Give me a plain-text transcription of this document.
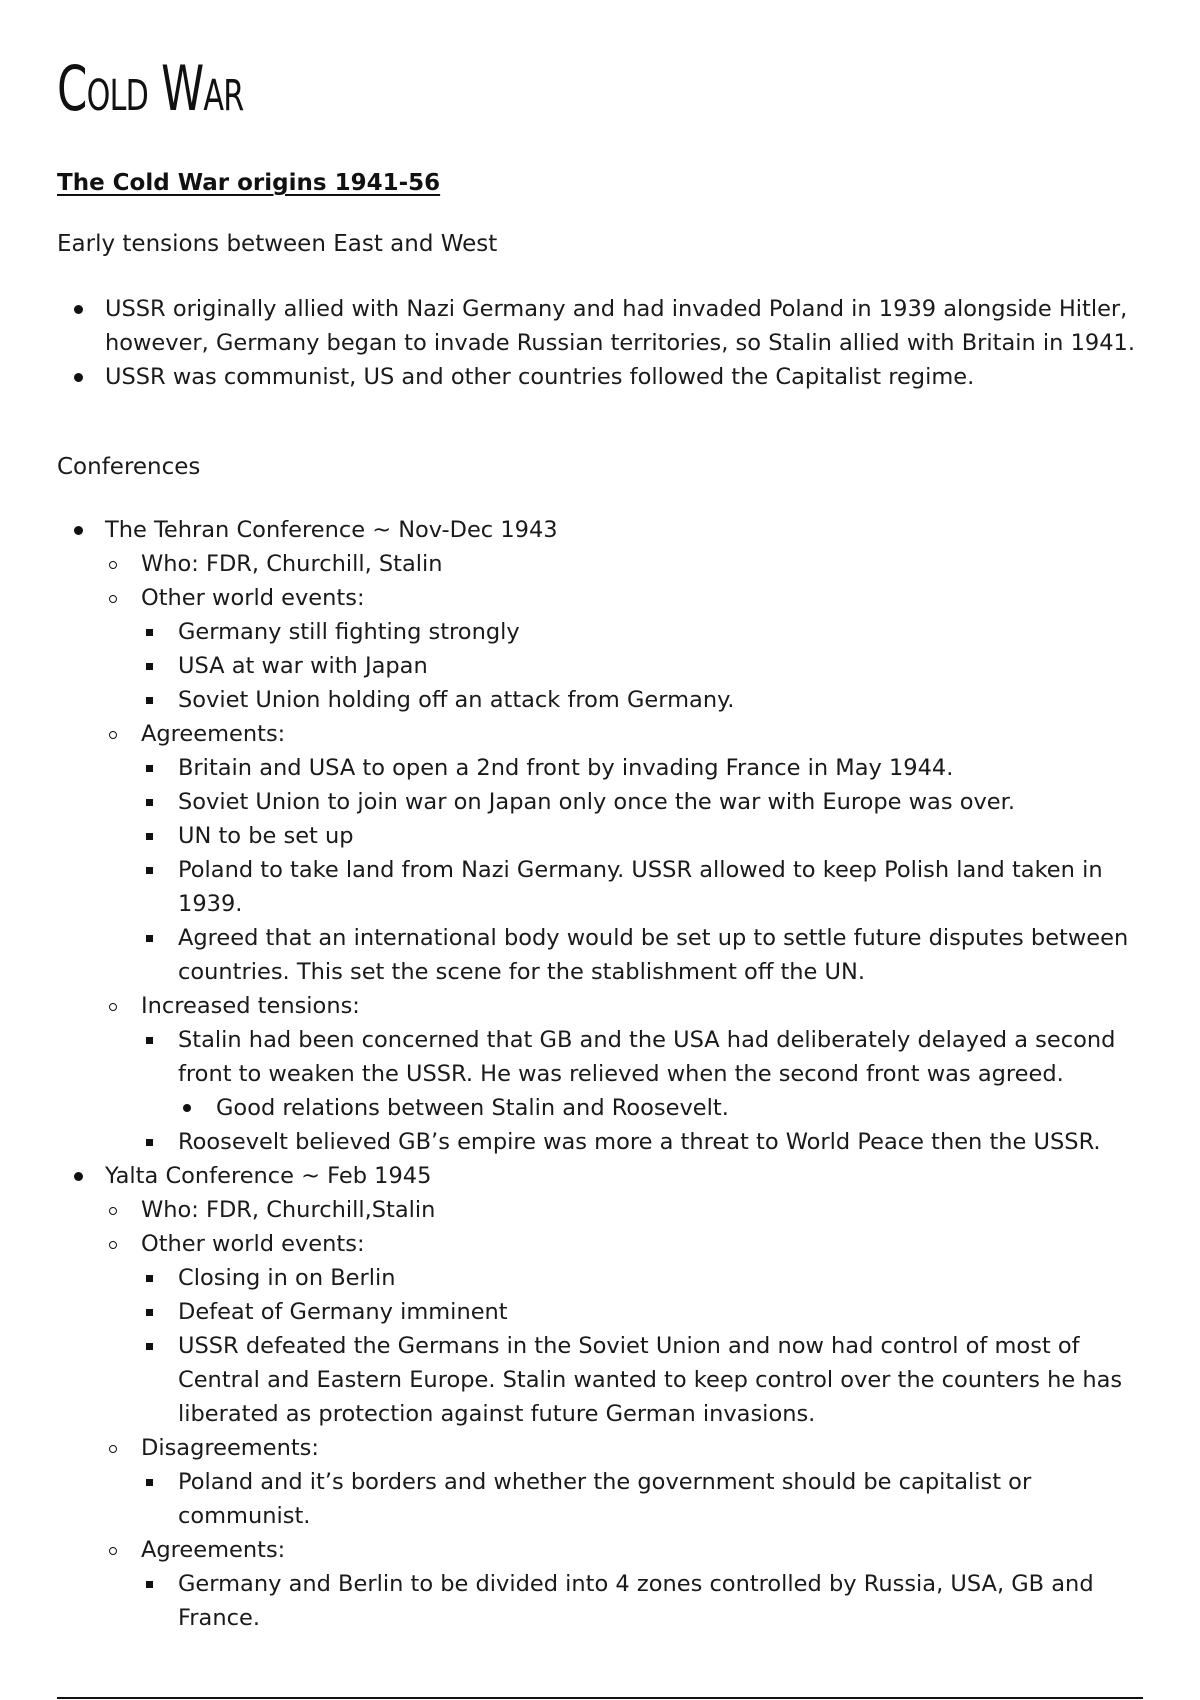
Cold War
The Cold War origins 1941-56
Early tensions between East and West
USSR originally allied with Nazi Germany and had invaded Poland in 1939 alongside Hitler, however, Germany began to invade Russian territories, so Stalin allied with Britain in 1941.
USSR was communist, US and other countries followed the Capitalist regime.
Conferences
The Tehran Conference ~ Nov-Dec 1943
Who: FDR, Churchill, Stalin
Other world events:
Germany still fighting strongly
USA at war with Japan
Soviet Union holding off an attack from Germany.
Agreements:
Britain and USA to open a 2nd front by invading France in May 1944.
Soviet Union to join war on Japan only once the war with Europe was over.
UN to be set up
Poland to take land from Nazi Germany. USSR allowed to keep Polish land taken in 1939.
Agreed that an international body would be set up to settle future disputes between countries. This set the scene for the stablishment off the UN.
Increased tensions:
Stalin had been concerned that GB and the USA had deliberately delayed a second front to weaken the USSR. He was relieved when the second front was agreed.
Good relations between Stalin and Roosevelt.
Roosevelt believed GB’s empire was more a threat to World Peace then the USSR.
Yalta Conference ~ Feb 1945
Who: FDR, Churchill,Stalin
Other world events:
Closing in on Berlin
Defeat of Germany imminent
USSR defeated the Germans in the Soviet Union and now had control of most of Central and Eastern Europe. Stalin wanted to keep control over the counters he has liberated as protection against future German invasions.
Disagreements:
Poland and it’s borders and whether the government should be capitalist or communist.
Agreements:
Germany and Berlin to be divided into 4 zones controlled by Russia, USA, GB and France.
